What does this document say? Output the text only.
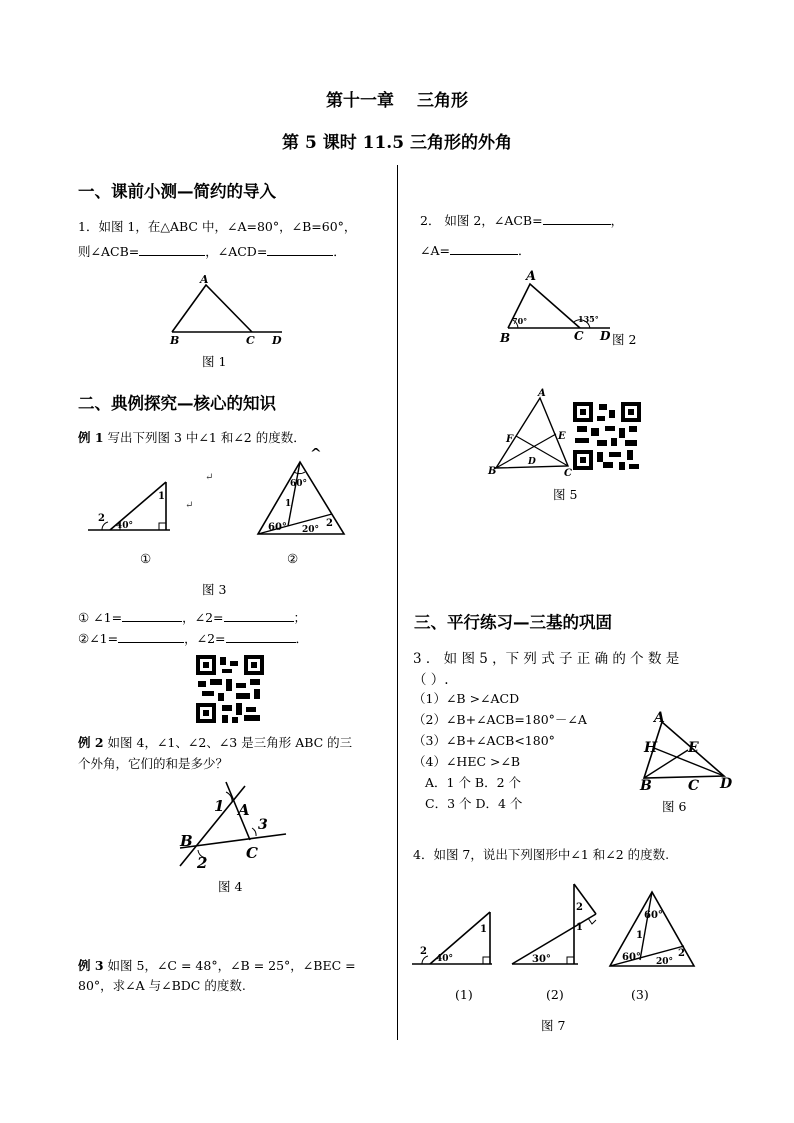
第十一章　 三角形
第 5 课时 11.5 三角形的外角
一、课前小测—简约的导入
1．如图 1，在△ABC 中，∠A=80°，∠B=60°，
则∠ACB=	，∠ACD=	．
A
B	C D
图 1
二、典例探究—核心的知识
例 1 写出下列图 3 中∠1 和∠2 的度数．
2
40°
1
↵
↵
^
60°
1
60° 20°
2
①	②
图 3
① ∠1=	，∠2=	；
②∠1=	，∠2=	．
例 2 如图 4，∠1、∠2、∠3 是三角形 ABC 的三
个外角，它们的和是多少？
1 A
3
B
C
2
图 4
例 3 如图 5，∠C = 48°，∠B = 25°，∠BEC =
80°，求∠A 与∠BDC 的度数.
2． 如图 2，∠ACB=	，
∠A=	．
A
70°	135°
B	C D 图 2
A
F	E
D
B	C
图 5
三、平行练习—三基的巩固
3 ． 如 图 5 ，下 列 式 子 正 确 的 个 数 是
（ ）.
（1）∠B >∠ACD
（2）∠B+∠ACB=180°－∠A
（3）∠B+∠ACB<180°
（4）∠HEC >∠B
A．1 个 B．2 个
C．3 个 D．4 个
A
H E
B	C D
图 6
4．如图 7，说出下列图形中∠1 和∠2 的度数.
2
40°
1
2
1
30°
60°
1
60° 20°
2
(1)	(2)	(3)
图 7
